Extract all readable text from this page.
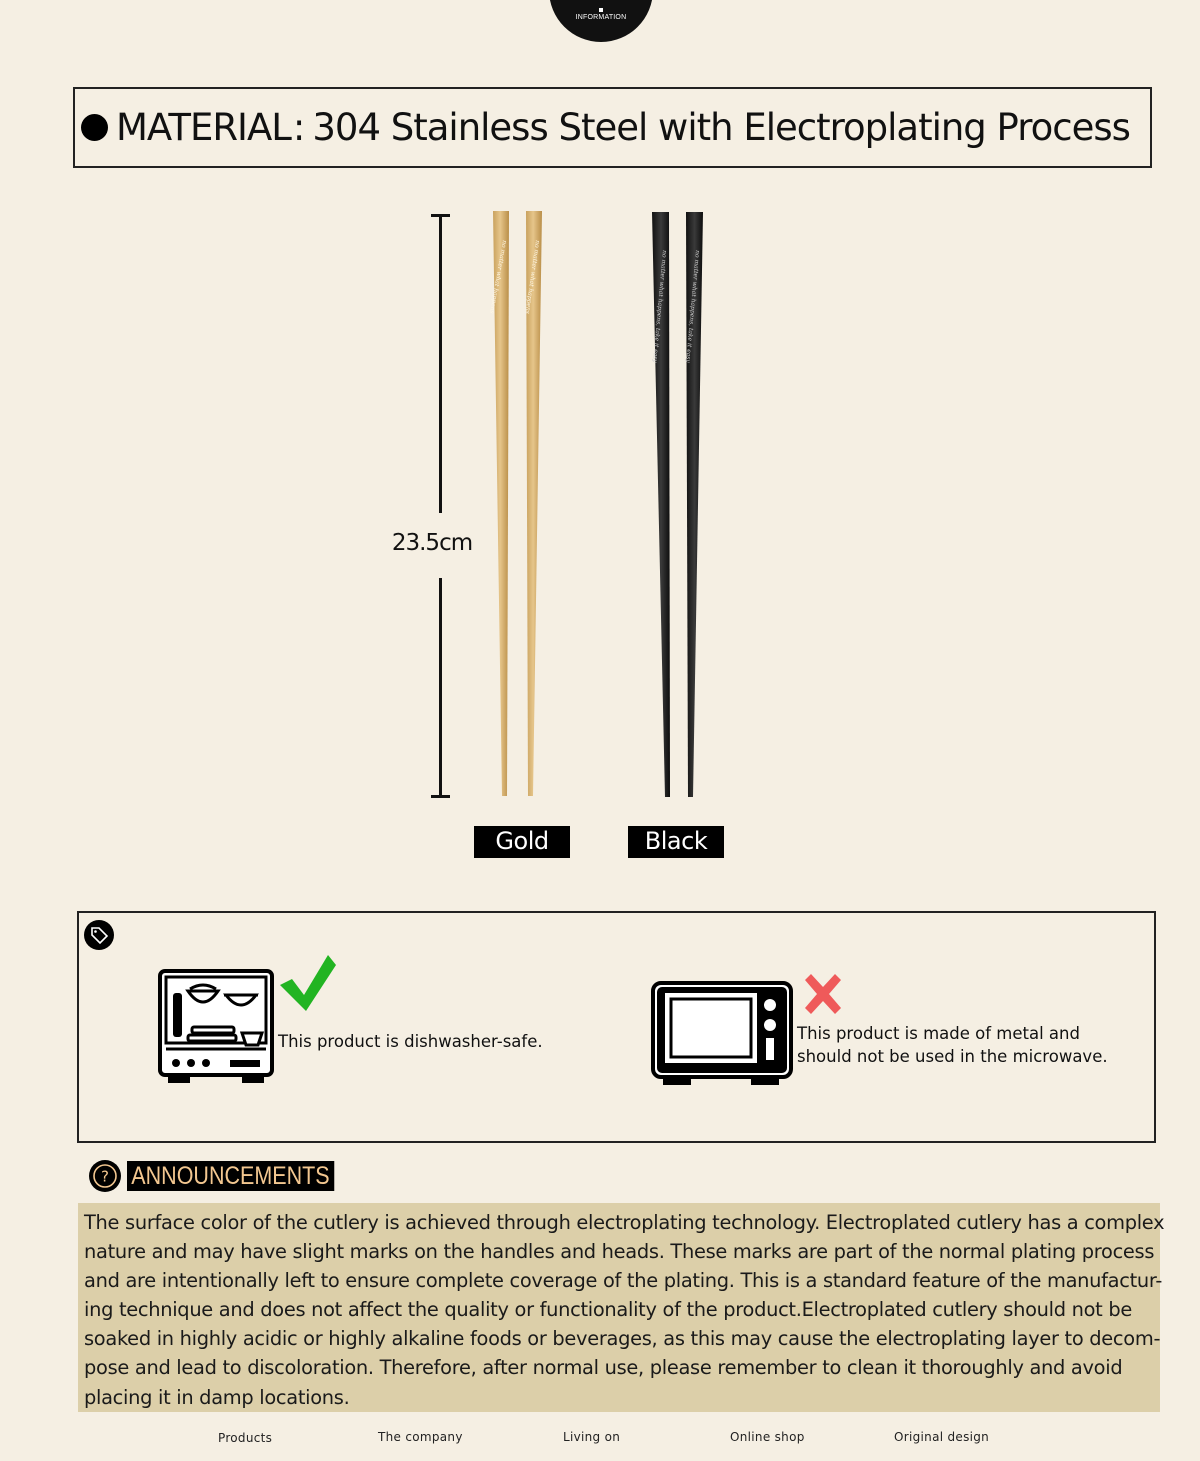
INFORMATION
MATERIAL: 304 Stainless Steel with Electroplating Process
23.5cm
no matter what happens	no matter what happens	no matter what happens, take it easy	no matter what happens, take it easy
Gold	Black
This product is dishwasher-safe.	This product is made of metal and
should not be used in the microwave.
? ANNOUNCEMENTS
The surface color of the cutlery is achieved through electroplating technology. Electroplated cutlery has a complex
nature and may have slight marks on the handles and heads. These marks are part of the normal plating process
and are intentionally left to ensure complete coverage of the plating. This is a standard feature of the manufactur-
ing technique and does not affect the quality or functionality of the product.Electroplated cutlery should not be
soaked in highly acidic or highly alkaline foods or beverages, as this may cause the electroplating layer to decom-
pose and lead to discoloration. Therefore, after normal use, please remember to clean it thoroughly and avoid
placing it in damp locations.
Products	The company	Living on	Online shop	Original design
